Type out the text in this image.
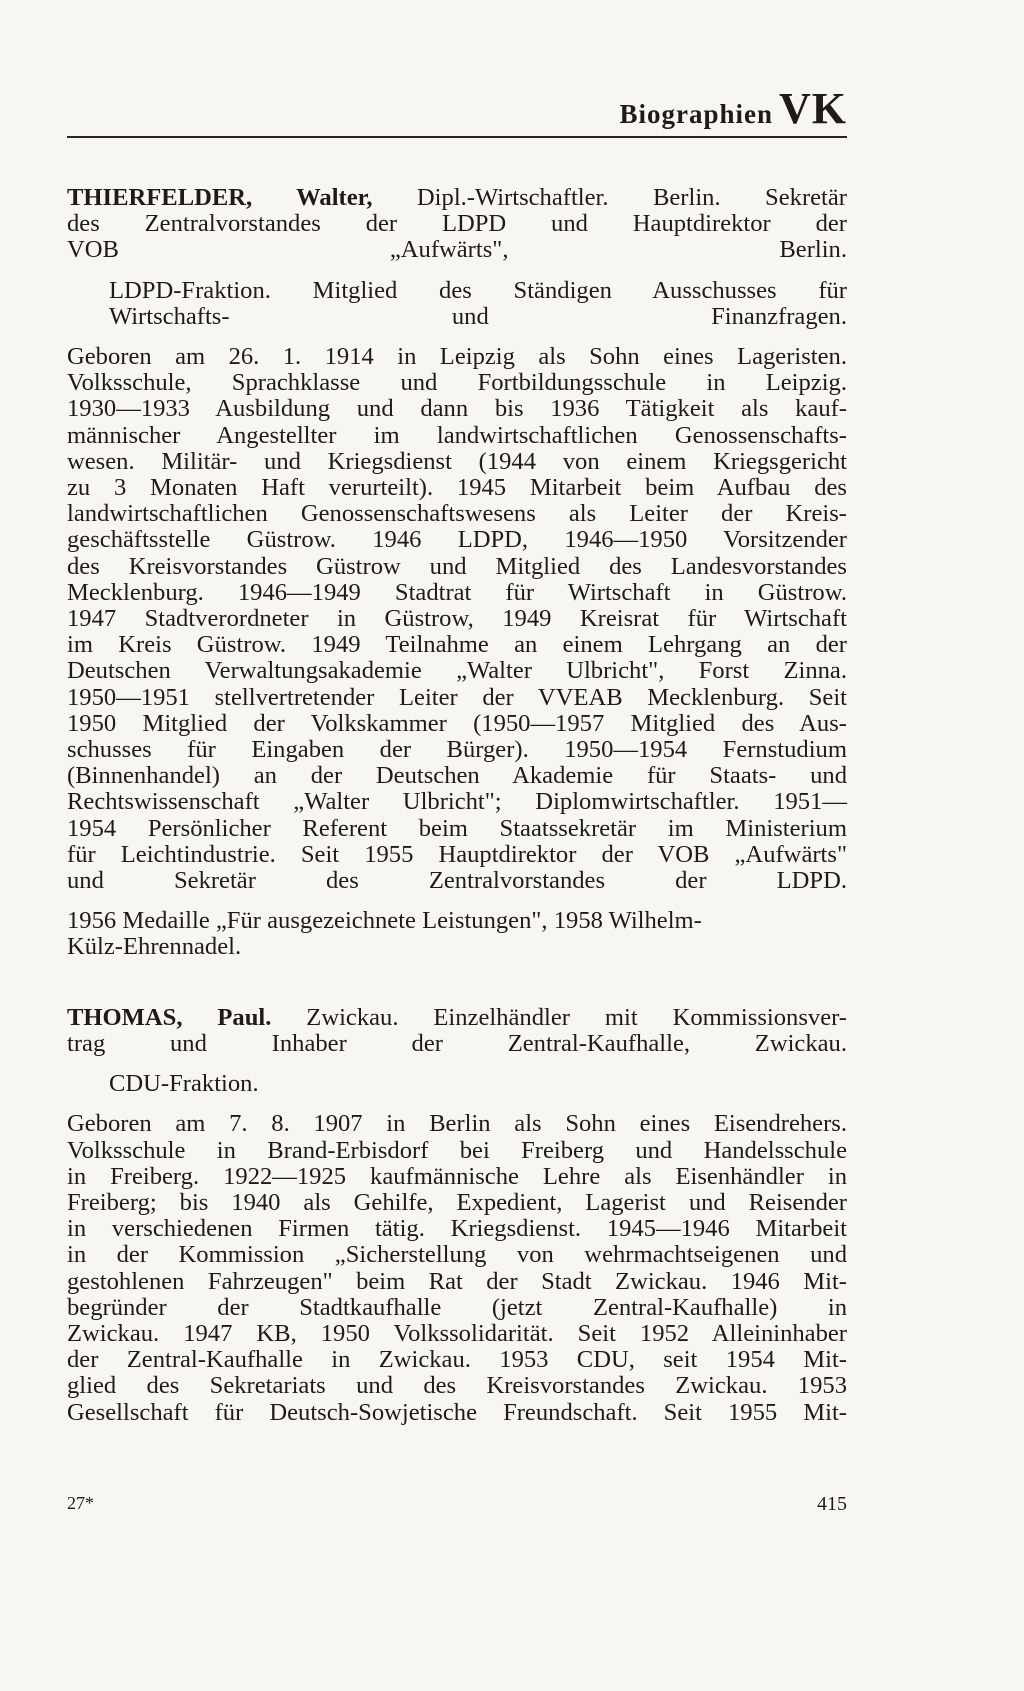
Biographien VK

THIERFELDER, Walter, Dipl.-Wirtschaftler. Berlin. Sekretär
des Zentralvorstandes der LDPD und Hauptdirektor der
VOB „Aufwärts", Berlin.

LDPD-Fraktion. Mitglied des Ständigen Ausschusses für
Wirtschafts- und Finanzfragen.

Geboren am 26. 1. 1914 in Leipzig als Sohn eines Lageristen.
Volksschule, Sprachklasse und Fortbildungsschule in Leipzig.
1930—1933 Ausbildung und dann bis 1936 Tätigkeit als kauf-
männischer Angestellter im landwirtschaftlichen Genossenschafts-
wesen. Militär- und Kriegsdienst (1944 von einem Kriegsgericht
zu 3 Monaten Haft verurteilt). 1945 Mitarbeit beim Aufbau des
landwirtschaftlichen Genossenschaftswesens als Leiter der Kreis-
geschäftsstelle Güstrow. 1946 LDPD, 1946—1950 Vorsitzender
des Kreisvorstandes Güstrow und Mitglied des Landesvorstandes
Mecklenburg. 1946—1949 Stadtrat für Wirtschaft in Güstrow.
1947 Stadtverordneter in Güstrow, 1949 Kreisrat für Wirtschaft
im Kreis Güstrow. 1949 Teilnahme an einem Lehrgang an der
Deutschen Verwaltungsakademie „Walter Ulbricht", Forst Zinna.
1950—1951 stellvertretender Leiter der VVEAB Mecklenburg. Seit
1950 Mitglied der Volkskammer (1950—1957 Mitglied des Aus-
schusses für Eingaben der Bürger). 1950—1954 Fernstudium
(Binnenhandel) an der Deutschen Akademie für Staats- und
Rechtswissenschaft „Walter Ulbricht"; Diplomwirtschaftler. 1951—
1954 Persönlicher Referent beim Staatssekretär im Ministerium
für Leichtindustrie. Seit 1955 Hauptdirektor der VOB „Aufwärts"
und Sekretär des Zentralvorstandes der LDPD.

1956 Medaille „Für ausgezeichnete Leistungen", 1958 Wilhelm-
Külz-Ehrennadel.

THOMAS, Paul. Zwickau. Einzelhändler mit Kommissionsver-
trag und Inhaber der Zentral-Kaufhalle, Zwickau.

CDU-Fraktion.

Geboren am 7. 8. 1907 in Berlin als Sohn eines Eisendrehers.
Volksschule in Brand-Erbisdorf bei Freiberg und Handelsschule
in Freiberg. 1922—1925 kaufmännische Lehre als Eisenhändler in
Freiberg; bis 1940 als Gehilfe, Expedient, Lagerist und Reisender
in verschiedenen Firmen tätig. Kriegsdienst. 1945—1946 Mitarbeit
in der Kommission „Sicherstellung von wehrmachtseigenen und
gestohlenen Fahrzeugen" beim Rat der Stadt Zwickau. 1946 Mit-
begründer der Stadtkaufhalle (jetzt Zentral-Kaufhalle) in
Zwickau. 1947 KB, 1950 Volkssolidarität. Seit 1952 Alleininhaber
der Zentral-Kaufhalle in Zwickau. 1953 CDU, seit 1954 Mit-
glied des Sekretariats und des Kreisvorstandes Zwickau. 1953
Gesellschaft für Deutsch-Sowjetische Freundschaft. Seit 1955 Mit-

27*	415
